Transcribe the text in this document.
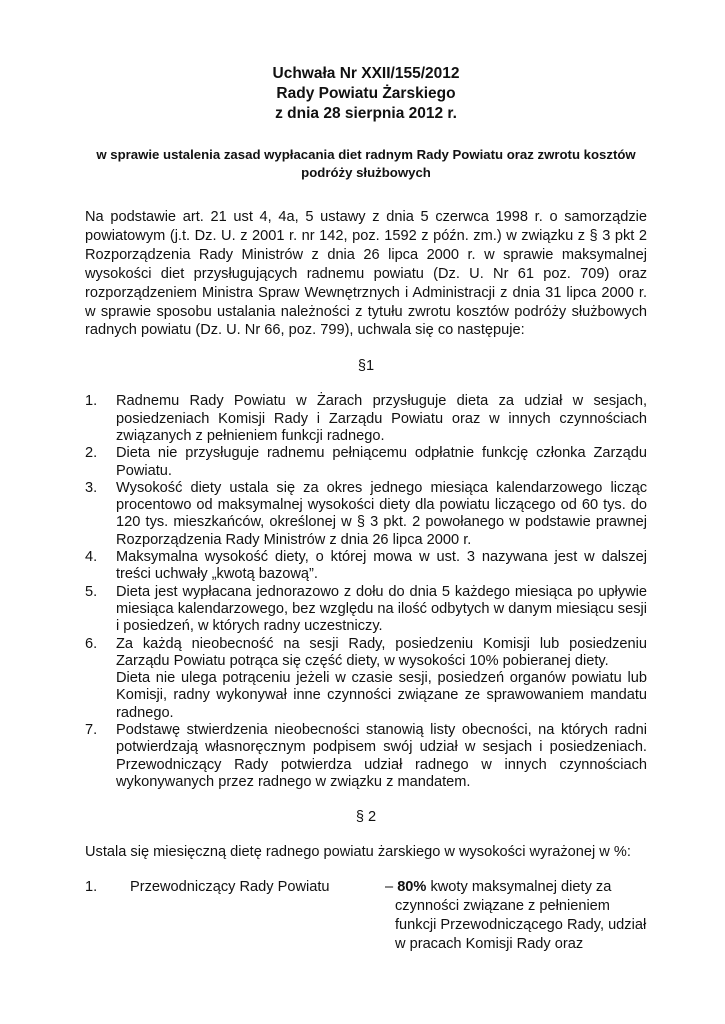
Uchwała Nr XXII/155/2012
Rady Powiatu Żarskiego
z dnia 28 sierpnia 2012 r.
w sprawie ustalenia zasad wypłacania diet radnym Rady Powiatu oraz zwrotu kosztów podróży służbowych
Na podstawie art. 21 ust 4, 4a, 5 ustawy z dnia 5 czerwca 1998 r. o samorządzie powiatowym (j.t. Dz. U. z 2001 r. nr 142, poz. 1592 z późn. zm.) w związku z § 3 pkt 2 Rozporządzenia Rady Ministrów z dnia 26 lipca 2000 r. w sprawie maksymalnej wysokości diet przysługujących radnemu powiatu (Dz. U. Nr 61 poz. 709) oraz rozporządzeniem Ministra Spraw Wewnętrznych i Administracji z dnia 31 lipca 2000 r. w sprawie sposobu ustalania należności z tytułu zwrotu kosztów podróży służbowych radnych powiatu (Dz. U. Nr 66, poz. 799), uchwala się co następuje:
§1
1. Radnemu Rady Powiatu w Żarach przysługuje dieta za udział w sesjach, posiedzeniach Komisji Rady i Zarządu Powiatu oraz w innych czynnościach związanych z pełnieniem funkcji radnego.
2. Dieta nie przysługuje radnemu pełniącemu odpłatnie funkcję członka Zarządu Powiatu.
3. Wysokość diety ustala się za okres jednego miesiąca kalendarzowego licząc procentowo od maksymalnej wysokości diety dla powiatu liczącego od 60 tys. do 120 tys. mieszkańców, określonej w § 3 pkt. 2 powołanego w podstawie prawnej Rozporządzenia Rady Ministrów z dnia 26 lipca 2000 r.
4. Maksymalna wysokość diety, o której mowa w ust. 3 nazywana jest w dalszej treści uchwały „kwotą bazową”.
5. Dieta jest wypłacana jednorazowo z dołu do dnia 5 każdego miesiąca po upływie miesiąca kalendarzowego, bez względu na ilość odbytych w danym miesiącu sesji i posiedzeń, w których radny uczestniczy.
6. Za każdą nieobecność na sesji Rady, posiedzeniu Komisji lub posiedzeniu Zarządu Powiatu potrąca się część diety, w wysokości 10% pobieranej diety.
Dieta nie ulega potrąceniu jeżeli w czasie sesji, posiedzeń organów powiatu lub Komisji, radny wykonywał inne czynności związane ze sprawowaniem mandatu radnego.
7. Podstawę stwierdzenia nieobecności stanowią listy obecności, na których radni potwierdzają własnoręcznym podpisem swój udział w sesjach i posiedzeniach. Przewodniczący Rady potwierdza udział radnego w innych czynnościach wykonywanych przez radnego w związku z mandatem.
§ 2
Ustala się miesięczną dietę radnego powiatu żarskiego w wysokości wyrażonej w %:
1. Przewodniczący Rady Powiatu	– 80% kwoty maksymalnej diety za
czynności związane z pełnieniem funkcji Przewodniczącego Rady, udział w pracach Komisji Rady oraz
